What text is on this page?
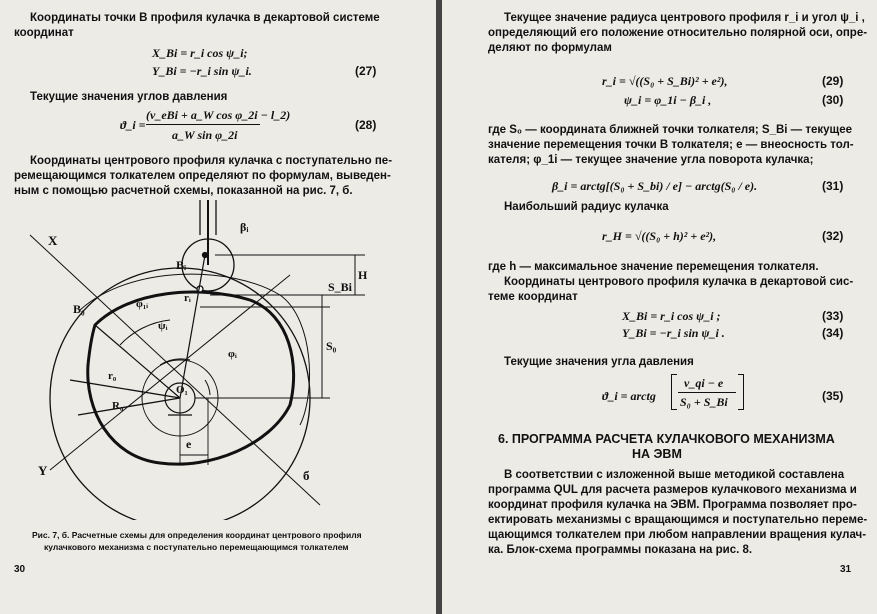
Координаты точки B профиля кулачка в декартовой системе
координат
X_Bi = r_i cos ψ_i;
Y_Bi = −r_i sin ψ_i.	(27)
Текущие значения углов давления
ϑ_i =
(v_eBi + a_W cos φ_2i − l_2)
a_W sin φ_2i
(28)
Координаты центрового профиля кулачка с поступательно пе-
ремещающимся толкателем определяют по формулам, выведен-
ным с помощью расчетной схемы, показанной на рис. 7, б.
X
Y
B₀
Bᵢ
βᵢ
φ₁ᵢ
ψᵢ
φᵢ
rᵢ
r₀
R₀
O₁
e
H
S_Bi
S₀
б
Рис. 7, б. Расчетные схемы для определения координат центрового профиля
кулачкового механизма с поступательно перемещающимся толкателем
30
Текущее значение радиуса центрового профиля r_i и угол ψ_i ,
определяющий его положение относительно полярной оси, опре-
деляют по формулам
r_i = √((S₀ + S_Bi)² + e²),	(29)
ψ_i = φ_1i − β_i ,	(30)
где S₀ — координата ближней точки толкателя; S_Bi — текущее
значение перемещения точки B толкателя; e — внеосность тол-
кателя; φ_1i — текущее значение угла поворота кулачка;
β_i = arctg[(S₀ + S_bi) / e] − arctg(S₀ / e).	(31)
Наибольший радиус кулачка
r_H = √((S₀ + h)² + e²),	(32)
где h — максимальное значение перемещения толкателя.
Координаты центрового профиля кулачка в декартовой сис-
теме координат
X_Bi = r_i cos ψ_i ;	(33)
Y_Bi = −r_i sin ψ_i .	(34)
Текущие значения угла давления
ϑ_i = arctg
v_qi − e
S₀ + S_Bi	(35)
6. ПРОГРАММА РАСЧЕТА КУЛАЧКОВОГО МЕХАНИЗМА
НА ЭВМ
В соответствии с изложенной выше методикой составлена
программа QUL для расчета размеров кулачкового механизма и
координат профиля кулачка на ЭВМ. Программа позволяет про-
ектировать механизмы с вращающимся и поступательно переме-
щающимся толкателем при любом направлении вращения кулач-
ка. Блок-схема программы показана на рис. 8.
31
